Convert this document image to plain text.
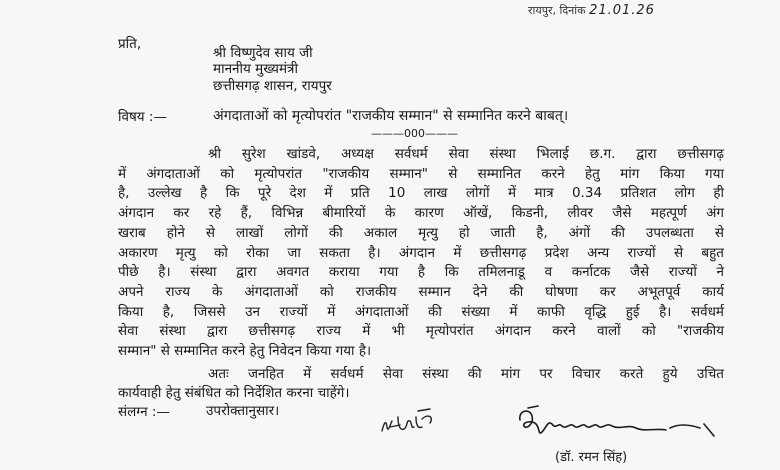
रायपुर, दिनांक 21.01.26
प्रति,
श्री विष्णुदेव साय जी
माननीय मुख्यमंत्री
छत्तीसगढ़ शासन, रायपुर
विषय :—	अंगदाताओं को मृत्योपरांत "राजकीय सम्मान" से सम्मानित करने बाबत्।
———000———
श्री सुरेश खांडवे, अध्यक्ष सर्वधर्म सेवा संस्था भिलाई छ.ग. द्वारा छत्तीसगढ़
में अंगदाताओं को मृत्योपरांत "राजकीय सम्मान" से सम्मानित करने हेतु मांग किया गया
है, उल्लेख है कि पूरे देश में प्रति 10 लाख लोगों में मात्र 0.34 प्रतिशत लोग ही
अंगदान कर रहे हैं, विभिन्न बीमारियों के कारण ऑखें, किडनी, लीवर जैसे महत्पूर्ण अंग
खराब होने से लाखों लोगों की अकाल मृत्यु हो जाती है, अंगों की उपलब्धता से
अकारण मृत्यु को रोका जा सकता है। अंगदान में छत्तीसगढ़ प्रदेश अन्य राज्यों से बहुत
पीछे है। संस्था द्वारा अवगत कराया गया है कि तमिलनाडू व कर्नाटक जैसे राज्यों ने
अपने राज्य के अंगदाताओं को राजकीय सम्मान देने की घोषणा कर अभूतपूर्व कार्य
किया है, जिससे उन राज्यों में अंगदाताओं की संख्या में काफी वृद्धि हुई है। सर्वधर्म
सेवा संस्था द्वारा छत्तीसगढ़ राज्य में भी मृत्योपरांत अंगदान करने वालों को "राजकीय
सम्मान" से सम्मानित करने हेतु निवेदन किया गया है।
अतः जनहित में सर्वधर्म सेवा संस्था की मांग पर विचार करते हुये उचित
कार्यवाही हेतु संबंधित को निर्देशित करना चाहेंगे।
संलग्न :—	उपरोक्तानुसार।
(डॉ. रमन सिंह)
